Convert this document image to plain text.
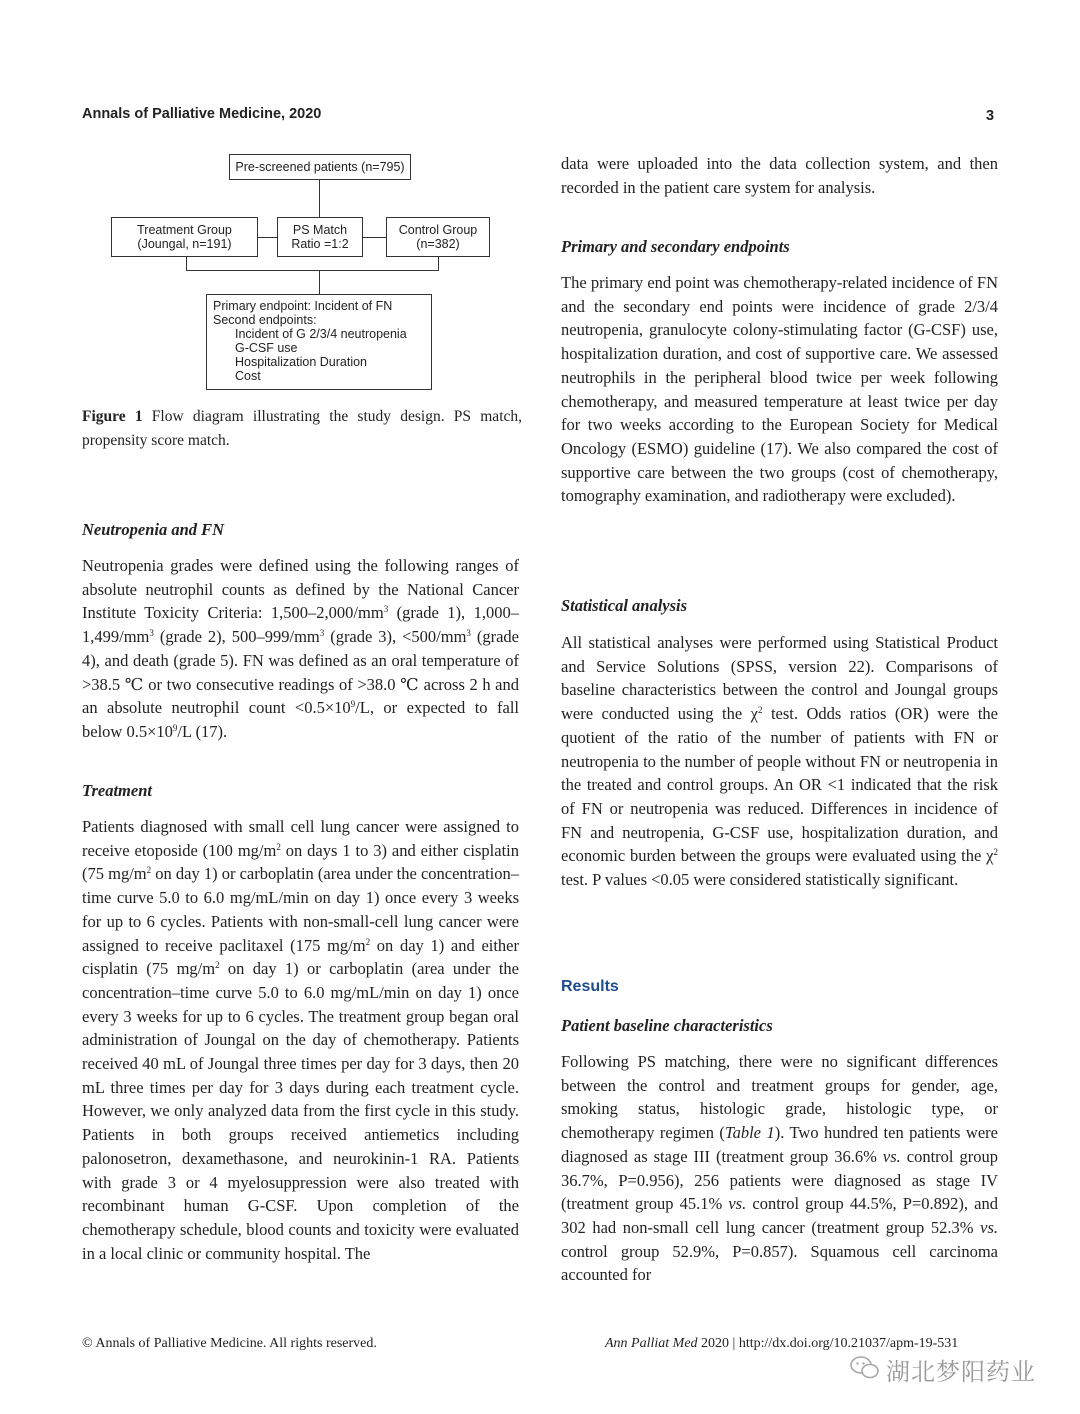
Annals of Palliative Medicine, 2020	3
Pre-screened patients (n=795)
Treatment Group
(Joungal, n=191)
PS Match
Ratio =1:2
Control Group
(n=382)
Primary endpoint: Incident of FN
Second endpoints:
Incident of G 2/3/4 neutropenia
G-CSF use
Hospitalization Duration
Cost
Figure 1 Flow diagram illustrating the study design. PS match, propensity score match.
Neutropenia and FN

Neutropenia grades were defined using the following ranges of absolute neutrophil counts as defined by the National Cancer Institute Toxicity Criteria: $1,500-2,000/mm^3$ (grade 1), $1,000-1,499/mm^3$ (grade 2), $500-999/mm^3$ (grade 3), $<500/mm^3$ (grade 4), and death (grade 5). FN was defined as an oral temperature of >38.5 ℃ or two consecutive readings of >38.0 ℃ across 2 h and an absolute neutrophil count $<0.5\times 10^9/L$, or expected to fall below $0.5\times 10^9/L$ (17).

Treatment

Patients diagnosed with small cell lung cancer were assigned to receive etoposide (100 $mg/m^2$ on days 1 to 3) and either cisplatin (75 $mg/m^2$ on day 1) or carboplatin (area under the concentration–time curve 5.0 to 6.0 mg/mL/min on day 1) once every 3 weeks for up to 6 cycles. Patients with non-small-cell lung cancer were assigned to receive paclitaxel (175 $mg/m^2$ on day 1) and either cisplatin (75 $mg/m^2$ on day 1) or carboplatin (area under the concentration–time curve 5.0 to 6.0 mg/mL/min on day 1) once every 3 weeks for up to 6 cycles. The treatment group began oral administration of Joungal on the day of chemotherapy. Patients received 40 mL of Joungal three times per day for 3 days, then 20 mL three times per day for 3 days during each treatment cycle. However, we only analyzed data from the first cycle in this study. Patients in both groups received antiemetics including palonosetron, dexamethasone, and neurokinin-1 RA. Patients with grade 3 or 4 myelosuppression were also treated with recombinant human G-CSF. Upon completion of the chemotherapy schedule, blood counts and toxicity were evaluated in a local clinic or community hospital. The

data were uploaded into the data collection system, and then recorded in the patient care system for analysis.
Primary and secondary endpoints
The primary end point was chemotherapy-related incidence of FN and the secondary end points were incidence of grade 2/3/4 neutropenia, granulocyte colony-stimulating factor (G-CSF) use, hospitalization duration, and cost of supportive care. We assessed neutrophils in the peripheral blood twice per week following chemotherapy, and measured temperature at least twice per day for two weeks according to the European Society for Medical Oncology (ESMO) guideline (17). We also compared the cost of supportive care between the two groups (cost of chemotherapy, tomography examination, and radiotherapy were excluded).
Statistical analysis

All statistical analyses were performed using Statistical Product and Service Solutions (SPSS, version 22). Comparisons of baseline characteristics between the control and Joungal groups were conducted using the $\chi^2$ test. Odds ratios (OR) were the quotient of the ratio of the number of patients with FN or neutropenia to the number of people without FN or neutropenia in the treated and control groups. An OR <1 indicated that the risk of FN or neutropenia was reduced. Differences in incidence of FN and neutropenia, G-CSF use, hospitalization duration, and economic burden between the groups were evaluated using the $\chi^2$ test. P values <0.05 were considered statistically significant.

Results
Patient baseline characteristics

Following PS matching, there were no significant differences between the control and treatment groups for gender, age, smoking status, histologic grade, histologic type, or chemotherapy regimen (Table 1). Two hundred ten patients were diagnosed as stage III (treatment group 36.6% vs. control group 36.7%, P=0.956), 256 patients were diagnosed as stage IV (treatment group 45.1% vs. control group 44.5%, P=0.892), and 302 had non-small cell lung cancer (treatment group 52.3% vs. control group 52.9%, P=0.857). Squamous cell carcinoma accounted for

© Annals of Palliative Medicine. All rights reserved.	Ann Palliat Med 2020 | http://dx.doi.org/10.21037/apm-19-531
湖北梦阳药业
